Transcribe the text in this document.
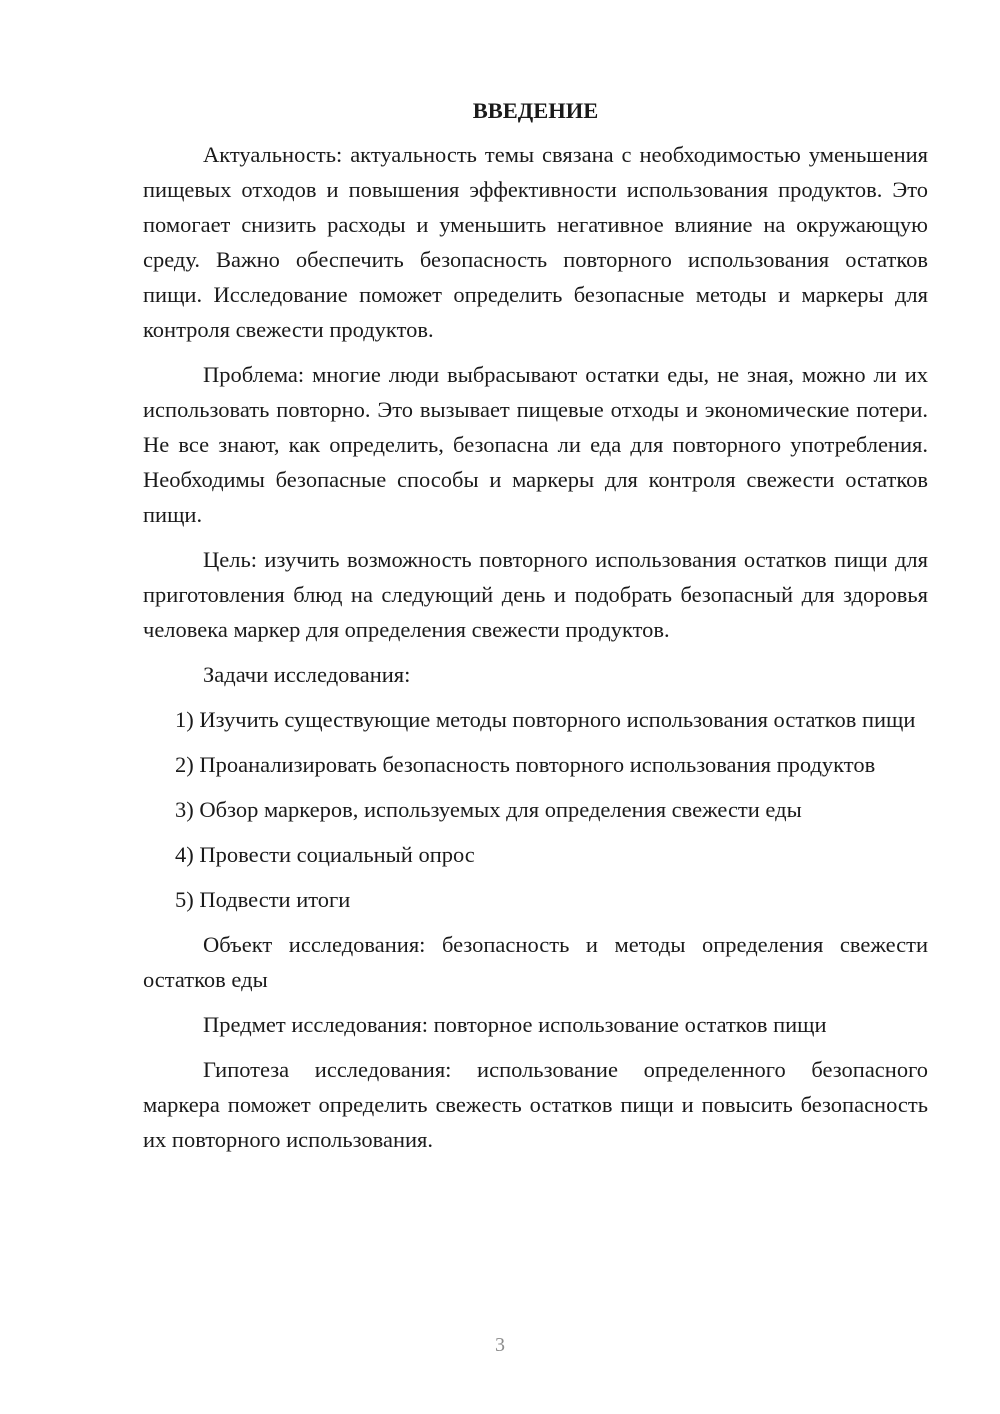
ВВЕДЕНИЕ

Актуальность: актуальность темы связана с необходимостью уменьшения пищевых отходов и повышения эффективности использования продуктов. Это помогает снизить расходы и уменьшить негативное влияние на окружающую среду. Важно обеспечить безопасность повторного использования остатков пищи. Исследование поможет определить безопасные методы и маркеры для контроля свежести продуктов.

Проблема: многие люди выбрасывают остатки еды, не зная, можно ли их использовать повторно. Это вызывает пищевые отходы и экономические потери. Не все знают, как определить, безопасна ли еда для повторного употребления. Необходимы безопасные способы и маркеры для контроля свежести остатков пищи.

Цель: изучить возможность повторного использования остатков пищи для приготовления блюд на следующий день и подобрать безопасный для здоровья человека маркер для определения свежести продуктов.

Задачи исследования:

1) Изучить существующие методы повторного использования остатков пищи

2) Проанализировать безопасность повторного использования продуктов

3) Обзор маркеров, используемых для определения свежести еды

4) Провести социальный опрос

5) Подвести итоги

Объект исследования: безопасность и методы определения свежести остатков еды

Предмет исследования: повторное использование остатков пищи

Гипотеза исследования: использование определенного безопасного маркера поможет определить свежесть остатков пищи и повысить безопасность их повторного использования.

3
